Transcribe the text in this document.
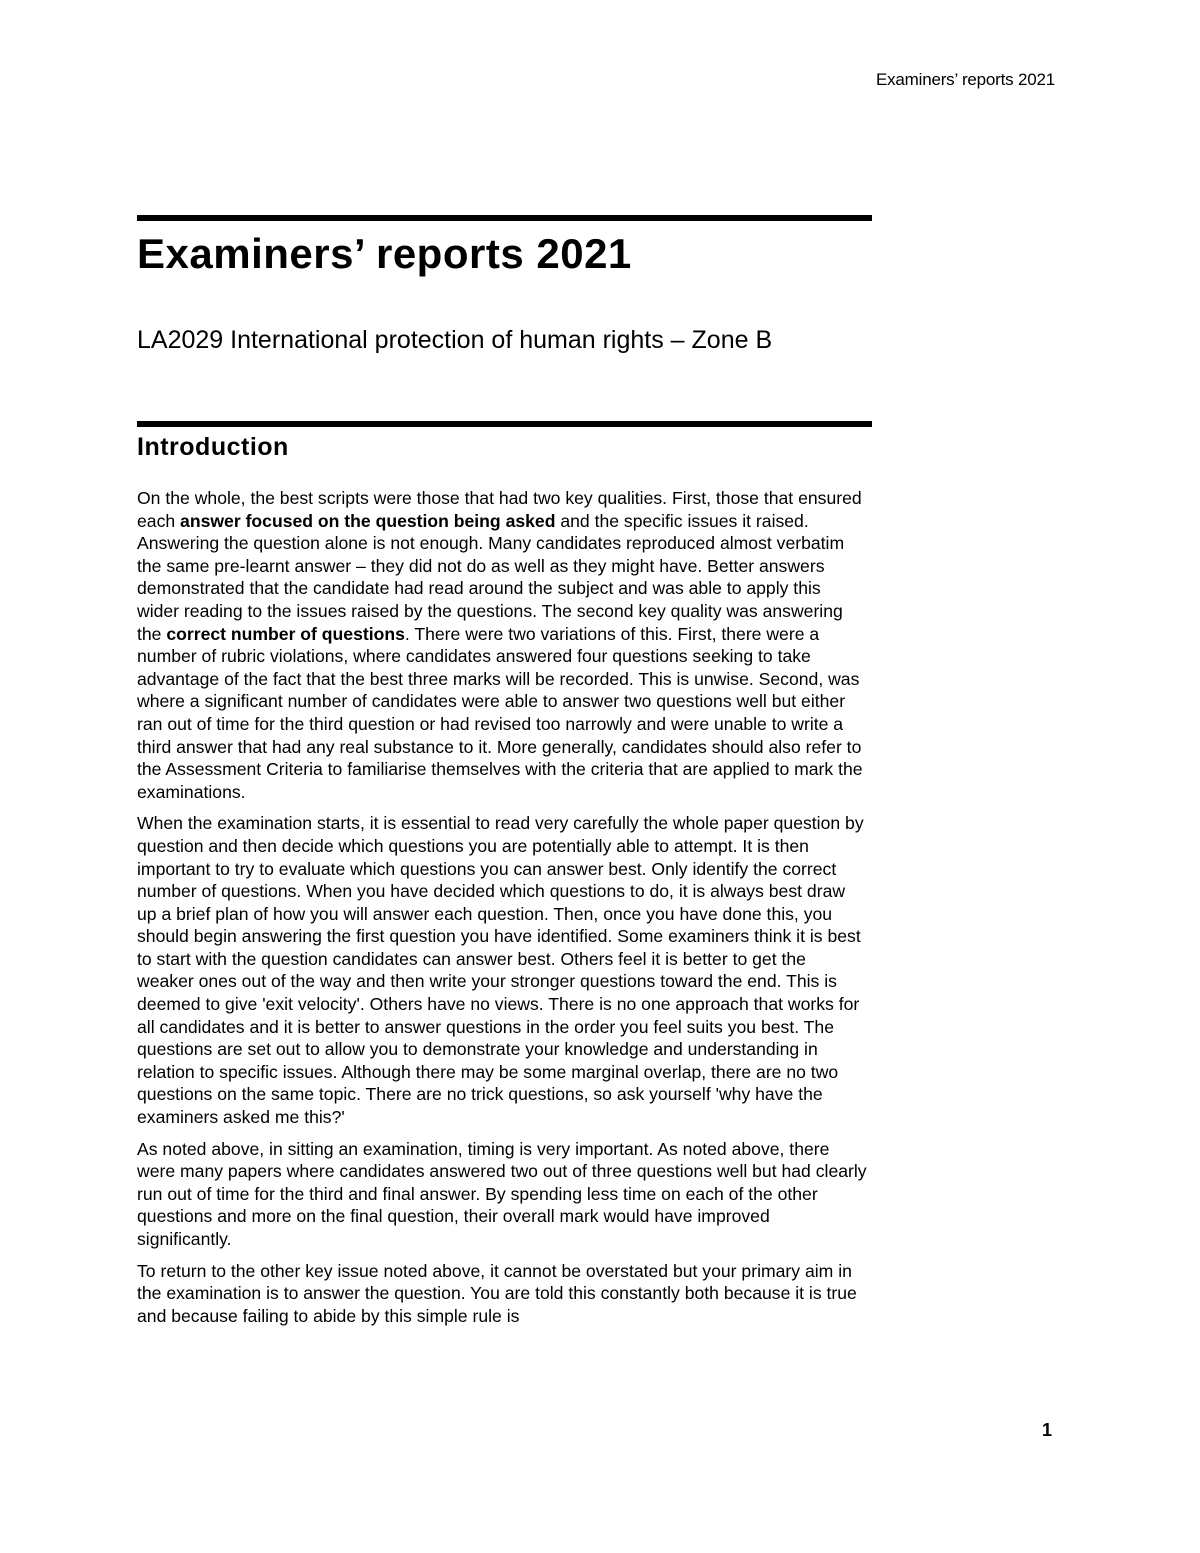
Examiners’ reports 2021
Examiners’ reports 2021
LA2029 International protection of human rights – Zone B
Introduction

On the whole, the best scripts were those that had two key qualities. First, those that ensured each answer focused on the question being asked and the specific issues it raised. Answering the question alone is not enough. Many candidates reproduced almost verbatim the same pre-learnt answer – they did not do as well as they might have. Better answers demonstrated that the candidate had read around the subject and was able to apply this wider reading to the issues raised by the questions. The second key quality was answering the correct number of questions. There were two variations of this. First, there were a number of rubric violations, where candidates answered four questions seeking to take advantage of the fact that the best three marks will be recorded. This is unwise. Second, was where a significant number of candidates were able to answer two questions well but either ran out of time for the third question or had revised too narrowly and were unable to write a third answer that had any real substance to it. More generally, candidates should also refer to the Assessment Criteria to familiarise themselves with the criteria that are applied to mark the examinations.

When the examination starts, it is essential to read very carefully the whole paper question by question and then decide which questions you are potentially able to attempt. It is then important to try to evaluate which questions you can answer best. Only identify the correct number of questions. When you have decided which questions to do, it is always best draw up a brief plan of how you will answer each question. Then, once you have done this, you should begin answering the first question you have identified. Some examiners think it is best to start with the question candidates can answer best. Others feel it is better to get the weaker ones out of the way and then write your stronger questions toward the end. This is deemed to give 'exit velocity'. Others have no views. There is no one approach that works for all candidates and it is better to answer questions in the order you feel suits you best. The questions are set out to allow you to demonstrate your knowledge and understanding in relation to specific issues. Although there may be some marginal overlap, there are no two questions on the same topic. There are no trick questions, so ask yourself 'why have the examiners asked me this?'

As noted above, in sitting an examination, timing is very important. As noted above, there were many papers where candidates answered two out of three questions well but had clearly run out of time for the third and final answer. By spending less time on each of the other questions and more on the final question, their overall mark would have improved significantly.

To return to the other key issue noted above, it cannot be overstated but your primary aim in the examination is to answer the question. You are told this constantly both because it is true and because failing to abide by this simple rule is

1
